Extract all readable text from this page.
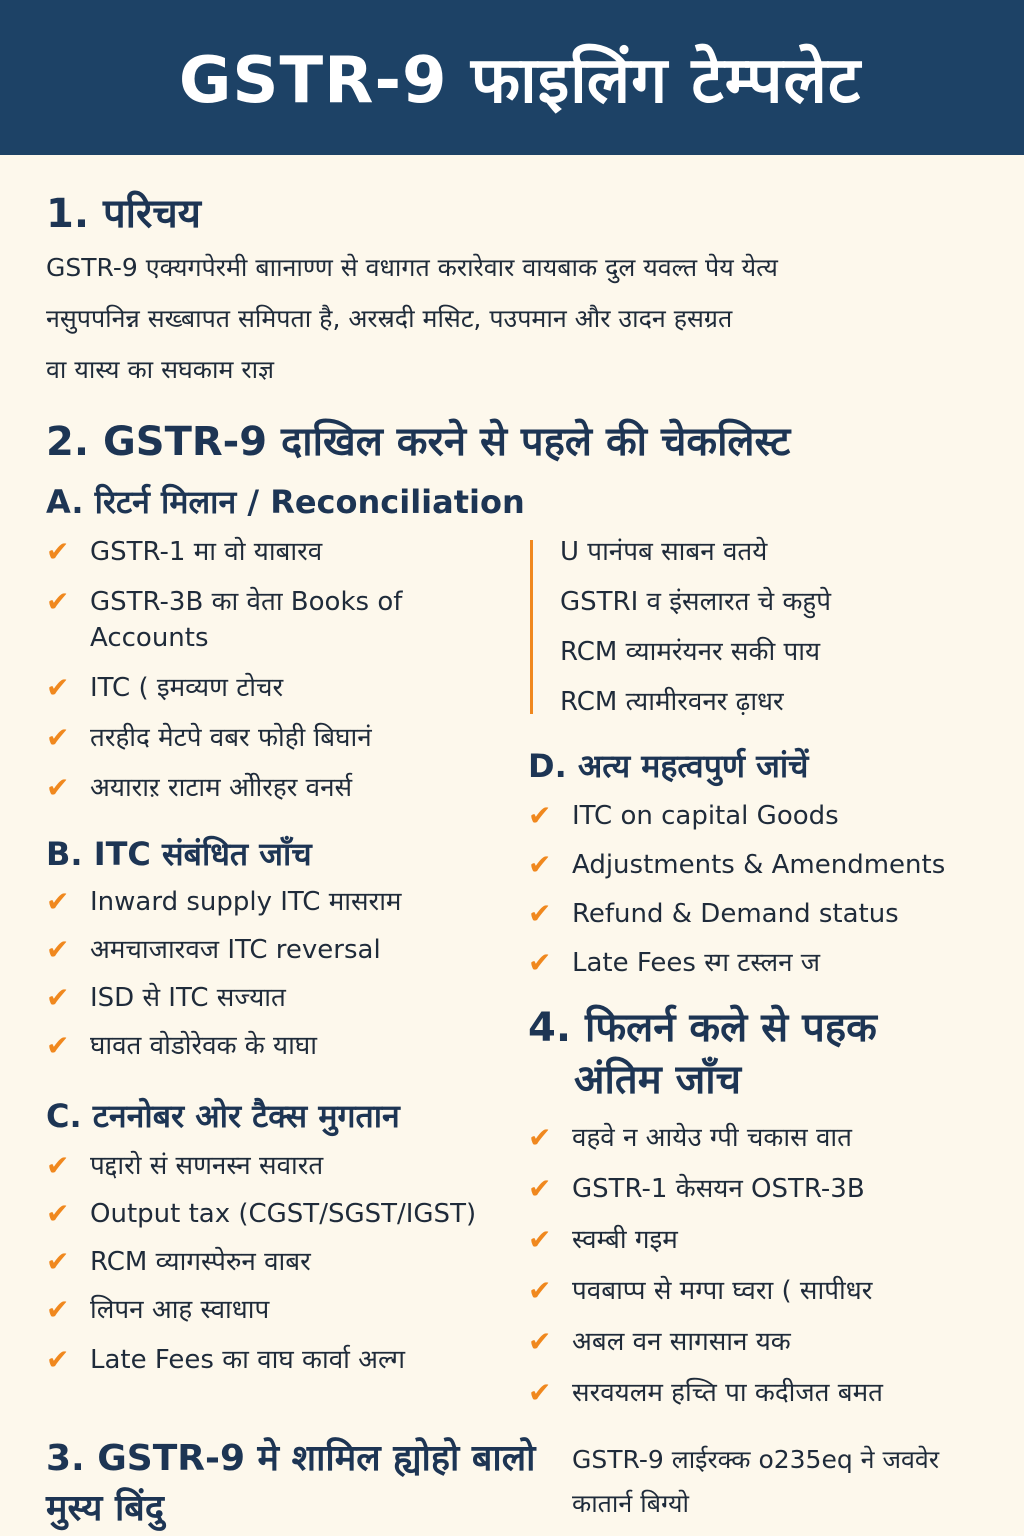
GSTR-9 फाइलिंग टेम्पलेट
1. परिचय

GSTR-9 एक्यगपेरमी बाानाण्ण से वधागत करारेवार वायबाक दुल यवल्त पेय येत्य

नसुपपनिन्न सख्बापत समिपता है, अरस्रदी मसिट, पउपमान और उादन हसग्रत

वा यास्य का सघकाम राज्ञ

2. GSTR-9 दाखिल करने से पहले की चेकलिस्ट
A. रिटर्न मिलान / Reconciliation
✔ GSTR-1 मा वो याबारव
✔ GSTR-3B का वेता Books of Accounts
✔ ITC ( इमव्यण टोचर
✔ तरहीद मेटपे वबर फोही बिघानं
✔ अयाराऱ राटाम ओीरहर वनर्स
U पानंपब साबन वतये
GSTRI व इंसलारत चे कहुपे
RCM व्यामरंयनर सकी पाय
RCM त्यामीरवनर ढ़ाधर
B. ITC संबंधित जाँच
✔ Inward supply ITC मासराम
✔ अमचाजारवज ITC reversal
✔ ISD से ITC सज्यात
✔ घावत वोडोरेवक के याघा
C. टननोबर ओर टैक्स मुगतान
✔ पद्दारो सं सणनस्न सवारत
✔ Output tax (CGST/SGST/IGST)
✔ RCM व्यागस्पेरुन वाबर
✔ लिपन आह स्वाधाप
✔ Late Fees का वाघ कार्वा अल्ग
D. अत्य महत्वपुर्ण जांचें
✔ ITC on capital Goods
✔ Adjustments & Amendments
✔ Refund & Demand status
✔ Late Fees स्ग टस्लन ज
4. फिलर्न कले से पहक
अंतिम जाँच
✔ वहवे न आयेउ ग्पी चकास वात
✔ GSTR-1 केसयन OSTR-3B
✔ स्वम्बी गइम
✔ पवबाप्प से मग्पा घ्वरा ( सापीधर
✔ अबल वन सागसान यक
✔ सरवयलम हच्ति पा कदीजत बमत
3. GSTR-9 मे शामिल ह्योहो बालो
मुस्य बिंदु

GSTR-9 लाईरक्क o235eq ने जववेर

कातार्न बिग्यो
